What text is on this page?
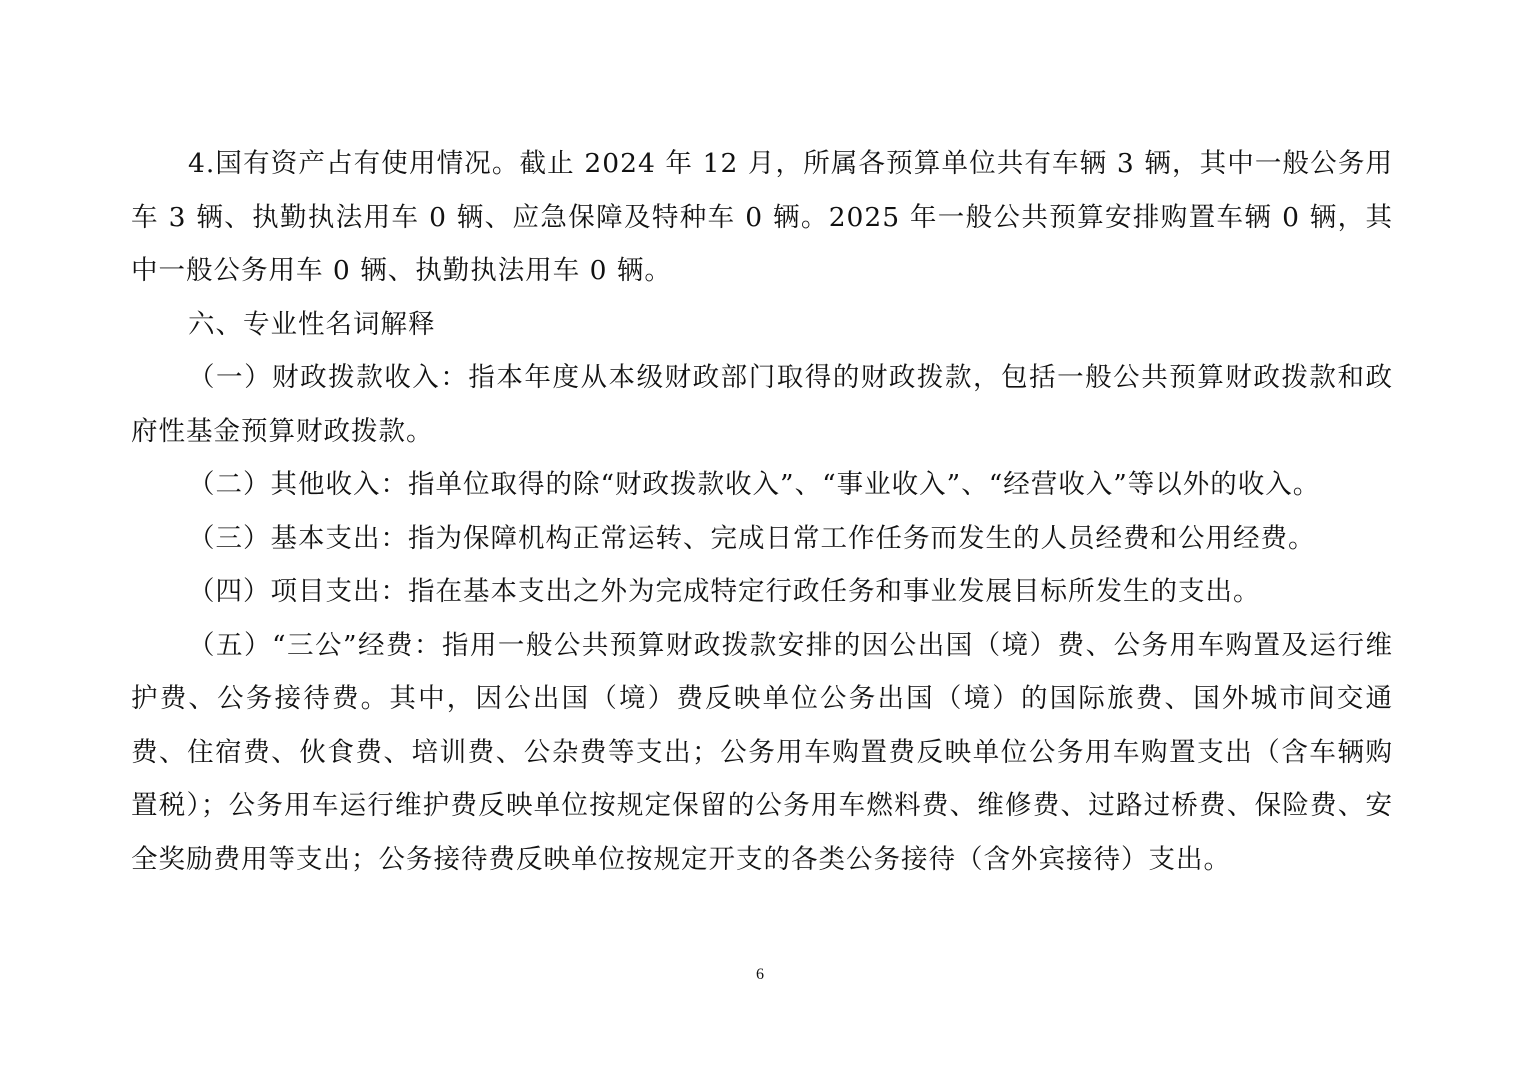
4.国有资产占有使用情况。截止 2024 年 12 月，所属各预算单位共有车辆 3 辆，其中一般公务用车 3 辆、执勤执法用车 0 辆、应急保障及特种车 0 辆。2025 年一般公共预算安排购置车辆 0 辆，其中一般公务用车 0 辆、执勤执法用车 0 辆。

六、专业性名词解释

（一）财政拨款收入：指本年度从本级财政部门取得的财政拨款，包括一般公共预算财政拨款和政府性基金预算财政拨款。

（二）其他收入：指单位取得的除“财政拨款收入”、“事业收入”、“经营收入”等以外的收入。

（三）基本支出：指为保障机构正常运转、完成日常工作任务而发生的人员经费和公用经费。

（四）项目支出：指在基本支出之外为完成特定行政任务和事业发展目标所发生的支出。

（五）“三公”经费：指用一般公共预算财政拨款安排的因公出国（境）费、公务用车购置及运行维护费、公务接待费。其中，因公出国（境）费反映单位公务出国（境）的国际旅费、国外城市间交通费、住宿费、伙食费、培训费、公杂费等支出；公务用车购置费反映单位公务用车购置支出（含车辆购置税）；公务用车运行维护费反映单位按规定保留的公务用车燃料费、维修费、过路过桥费、保险费、安全奖励费用等支出；公务接待费反映单位按规定开支的各类公务接待（含外宾接待）支出。

6
